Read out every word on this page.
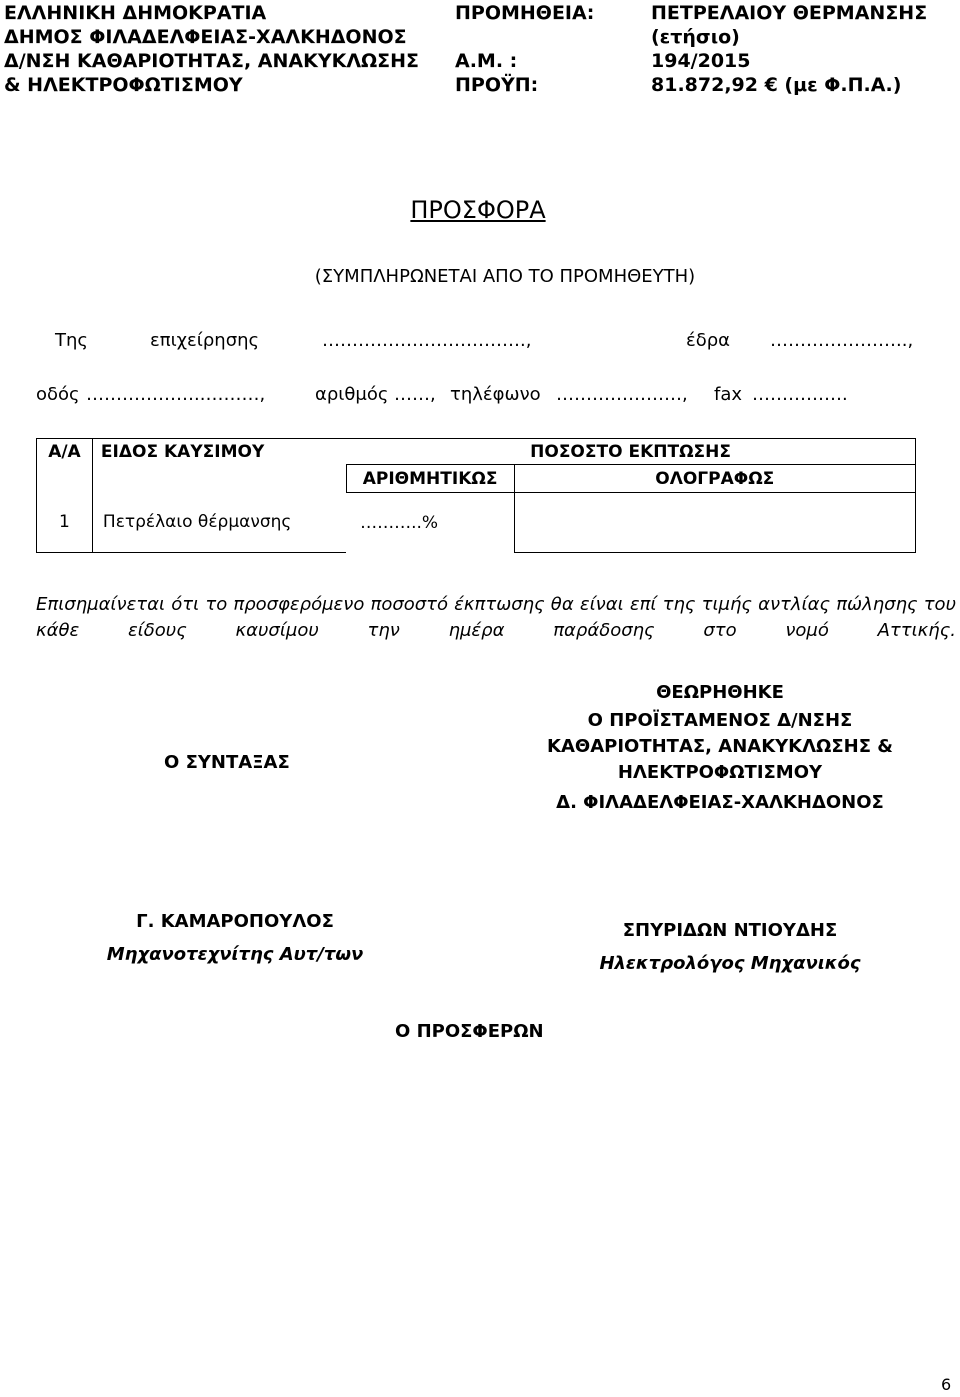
ΕΛΛΗΝΙΚΗ ΔΗΜΟΚΡΑΤΙΑ
ΔΗΜΟΣ ΦΙΛΑΔΕΛΦΕΙΑΣ-ΧΑΛΚΗΔΟΝΟΣ
Δ/ΝΣΗ ΚΑΘΑΡΙΟΤΗΤΑΣ, ΑΝΑΚΥΚΛΩΣΗΣ
& ΗΛΕΚΤΡΟΦΩΤΙΣΜΟΥ
ΠΡΟΜΗΘΕΙΑ:	ΠΕΤΡΕΛΑΙΟΥ ΘΕΡΜΑΝΣΗΣ
(ετήσιο)
Α.Μ. :	194/2015
ΠΡΟΫΠ:	81.872,92 € (με Φ.Π.Α.)
ΠΡΟΣΦΟΡΑ
(ΣΥΜΠΛΗΡΩΝΕΤΑΙ ΑΠΟ ΤΟ ΠΡΟΜΗΘΕΥΤΗ)
Της	επιχείρησης	…………………………….,	έδρα …………………..,
οδός ………………..………,	αριθμός ……, τηλέφωνο …………………, fax …………….
Α/Α	ΕΙΔΟΣ ΚΑΥΣΙΜΟΥ	ΠΟΣΟΣΤΟ ΕΚΠΤΩΣΗΣ	
		ΑΡΙΘΜΗΤΙΚΩΣ	ΟΛΟΓΡΑΦΩΣ
1	Πετρέλαιο θέρμανσης	………..%	
Επισημαίνεται ότι το προσφερόμενο ποσοστό έκπτωσης θα είναι επί της τιμής αντλίας πώλησης του κάθε είδους καυσίμου την ημέρα παράδοσης στο νομό Αττικής.
Ο ΣΥΝΤΑΞΑΣ
ΘΕΩΡΗΘΗΚΕ
Ο ΠΡΟΪΣΤΑΜΕΝΟΣ Δ/ΝΣΗΣ
ΚΑΘΑΡΙΟΤΗΤΑΣ, ΑΝΑΚΥΚΛΩΣΗΣ &
ΗΛΕΚΤΡΟΦΩΤΙΣΜΟΥ
Δ. ΦΙΛΑΔΕΛΦΕΙΑΣ-ΧΑΛΚΗΔΟΝΟΣ
Γ. ΚΑΜΑΡΟΠΟΥΛΟΣ
Μηχανοτεχνίτης Αυτ/των
ΣΠΥΡΙΔΩΝ ΝΤΙΟΥΔΗΣ
Ηλεκτρολόγος Μηχανικός
Ο ΠΡΟΣΦΕΡΩΝ
6
